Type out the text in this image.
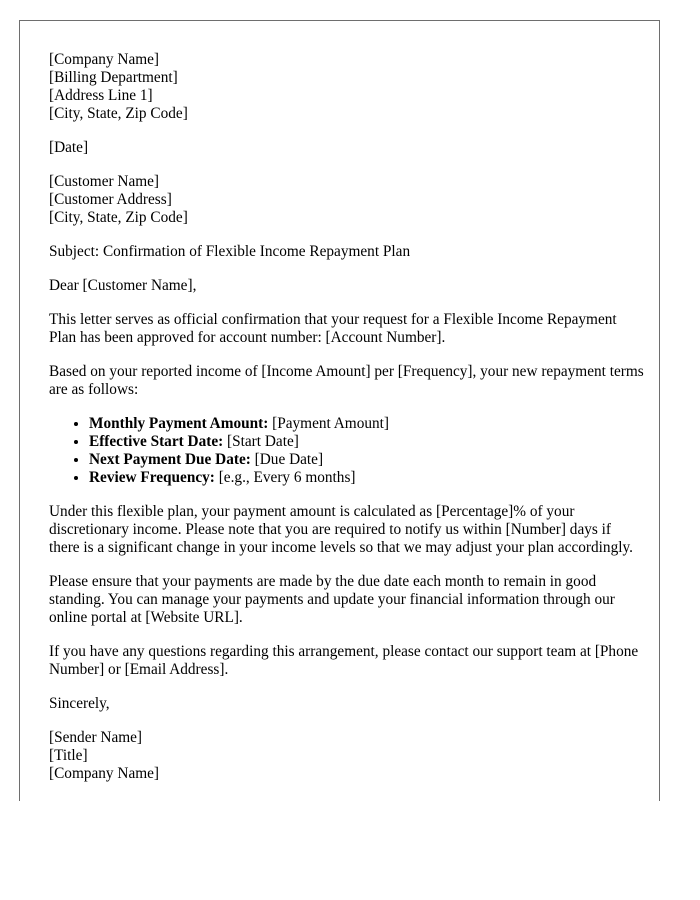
[Company Name]
[Billing Department]
[Address Line 1]
[City, State, Zip Code]
[Date]
[Customer Name]
[Customer Address]
[City, State, Zip Code]

Subject: Confirmation of Flexible Income Repayment Plan

Dear [Customer Name],

This letter serves as official confirmation that your request for a Flexible Income Repayment Plan has been approved for account number: [Account Number].

Based on your reported income of [Income Amount] per [Frequency], your new repayment terms are as follows:

• Monthly Payment Amount: [Payment Amount]
• Effective Start Date: [Start Date]
• Next Payment Due Date: [Due Date]
• Review Frequency: [e.g., Every 6 months]

Under this flexible plan, your payment amount is calculated as [Percentage]% of your discretionary income. Please note that you are required to notify us within [Number] days if there is a significant change in your income levels so that we may adjust your plan accordingly.

Please ensure that your payments are made by the due date each month to remain in good standing. You can manage your payments and update your financial information through our online portal at [Website URL].

If you have any questions regarding this arrangement, please contact our support team at [Phone Number] or [Email Address].

Sincerely,

[Sender Name]
[Title]
[Company Name]
